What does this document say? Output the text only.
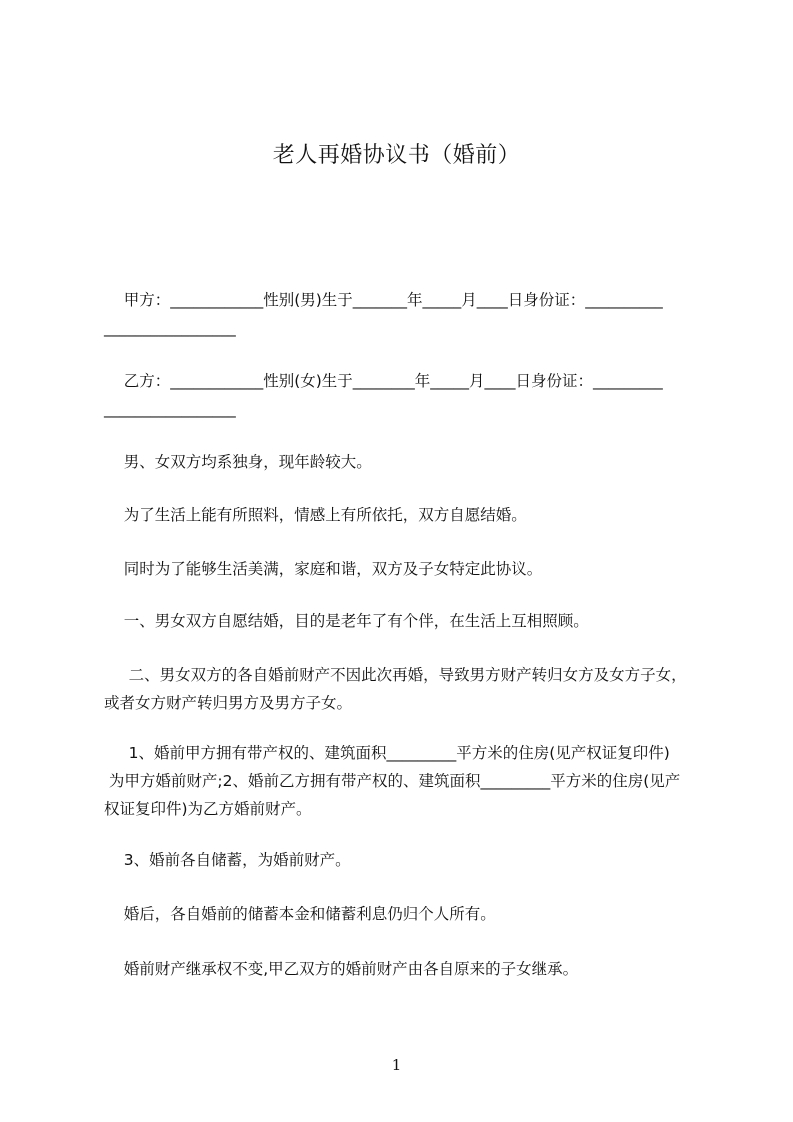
老人再婚协议书（婚前）
甲方：____________性别(男)生于_______年_____月____日身份证：__________
_________________
乙方：____________性别(女)生于________年_____月____日身份证：_________
_________________
男、女双方均系独身，现年龄较大。
为了生活上能有所照料，情感上有所依托，双方自愿结婚。
同时为了能够生活美满，家庭和谐，双方及子女特定此协议。
一、男女双方自愿结婚，目的是老年了有个伴，在生活上互相照顾。
二、男女双方的各自婚前财产不因此次再婚，导致男方财产转归女方及女方子女，
或者女方财产转归男方及男方子女。
1、婚前甲方拥有带产权的、建筑面积_________平方米的住房(见产权证复印件)
为甲方婚前财产;2、婚前乙方拥有带产权的、建筑面积_________平方米的住房(见产
权证复印件)为乙方婚前财产。
3、婚前各自储蓄，为婚前财产。
婚后，各自婚前的储蓄本金和储蓄利息仍归个人所有。
婚前财产继承权不变,甲乙双方的婚前财产由各自原来的子女继承。
1
